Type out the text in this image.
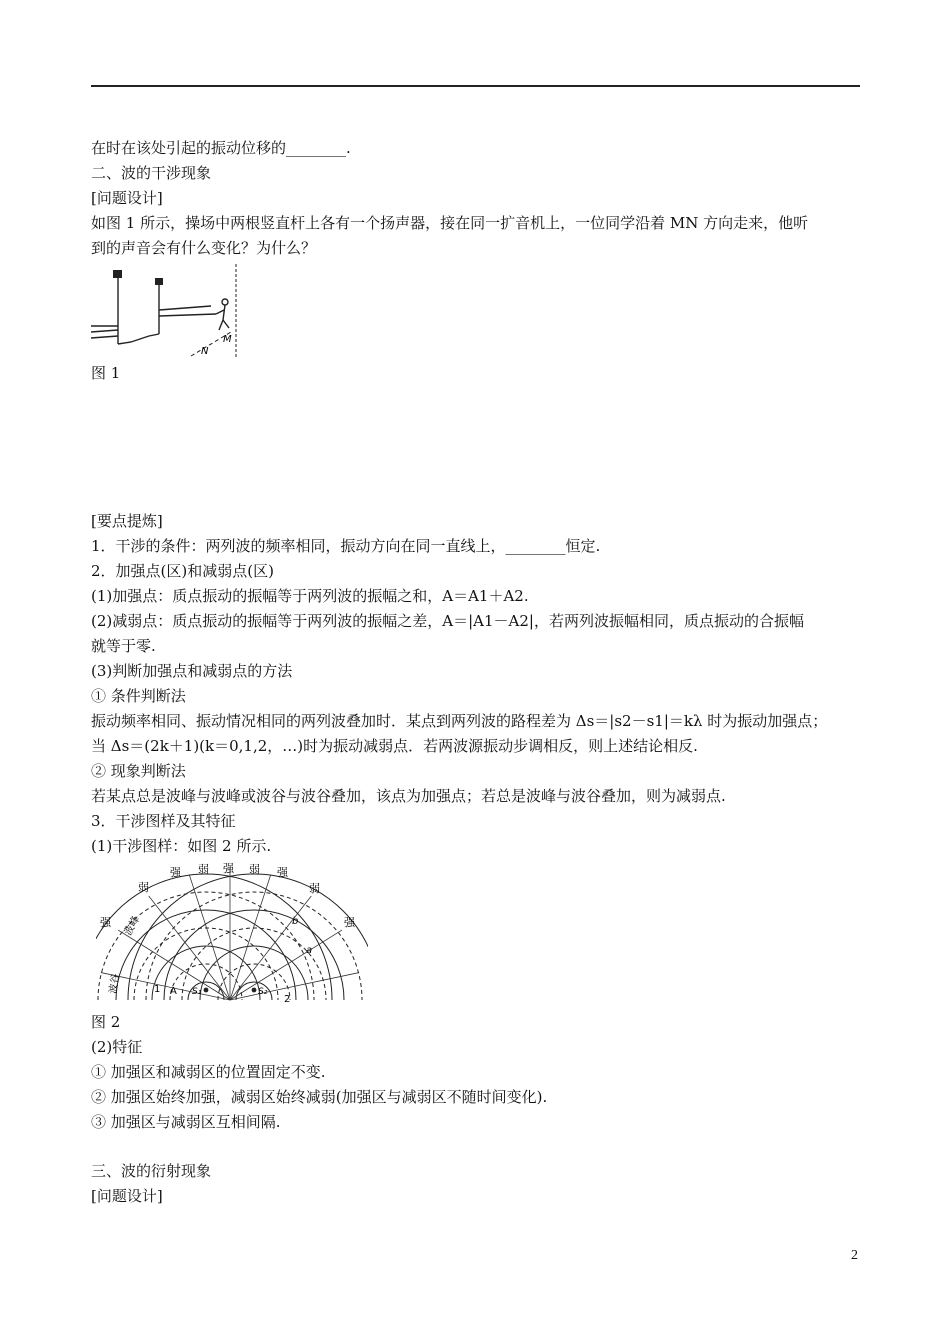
在时在该处引起的振动位移的________.
二、波的干涉现象
[问题设计]
如图 1 所示，操场中两根竖直杆上各有一个扬声器，接在同一扩音机上，一位同学沿着 MN 方向走来，他听
到的声音会有什么变化？为什么？
M
N
图 1
[要点提炼]
1．干涉的条件：两列波的频率相同，振动方向在同一直线上，________恒定.
2．加强点(区)和减弱点(区)
(1)加强点：质点振动的振幅等于两列波的振幅之和，A＝A1＋A2.
(2)减弱点：质点振动的振幅等于两列波的振幅之差，A＝|A1－A2|，若两列波振幅相同，质点振动的合振幅
就等于零.
(3)判断加强点和减弱点的方法
① 条件判断法
振动频率相同、振动情况相同的两列波叠加时．某点到两列波的路程差为 Δs＝|s2－s1|＝kλ 时为振动加强点；
当 Δs＝(2k＋1)(k＝0,1,2，…)时为振动减弱点．若两波源振动步调相反，则上述结论相反.
② 现象判断法
若某点总是波峰与波峰或波谷与波谷叠加，该点为加强点；若总是波峰与波谷叠加，则为减弱点.
3．干涉图样及其特征
(1)干涉图样：如图 2 所示.
强 弱 强 弱 强
弱	弱
强	强
波峰
波谷
b
a
S₁	S₂
1
2
A
图 2
(2)特征
① 加强区和减弱区的位置固定不变.
② 加强区始终加强，减弱区始终减弱(加强区与减弱区不随时间变化).
③ 加强区与减弱区互相间隔.
三、波的衍射现象
[问题设计]
2
